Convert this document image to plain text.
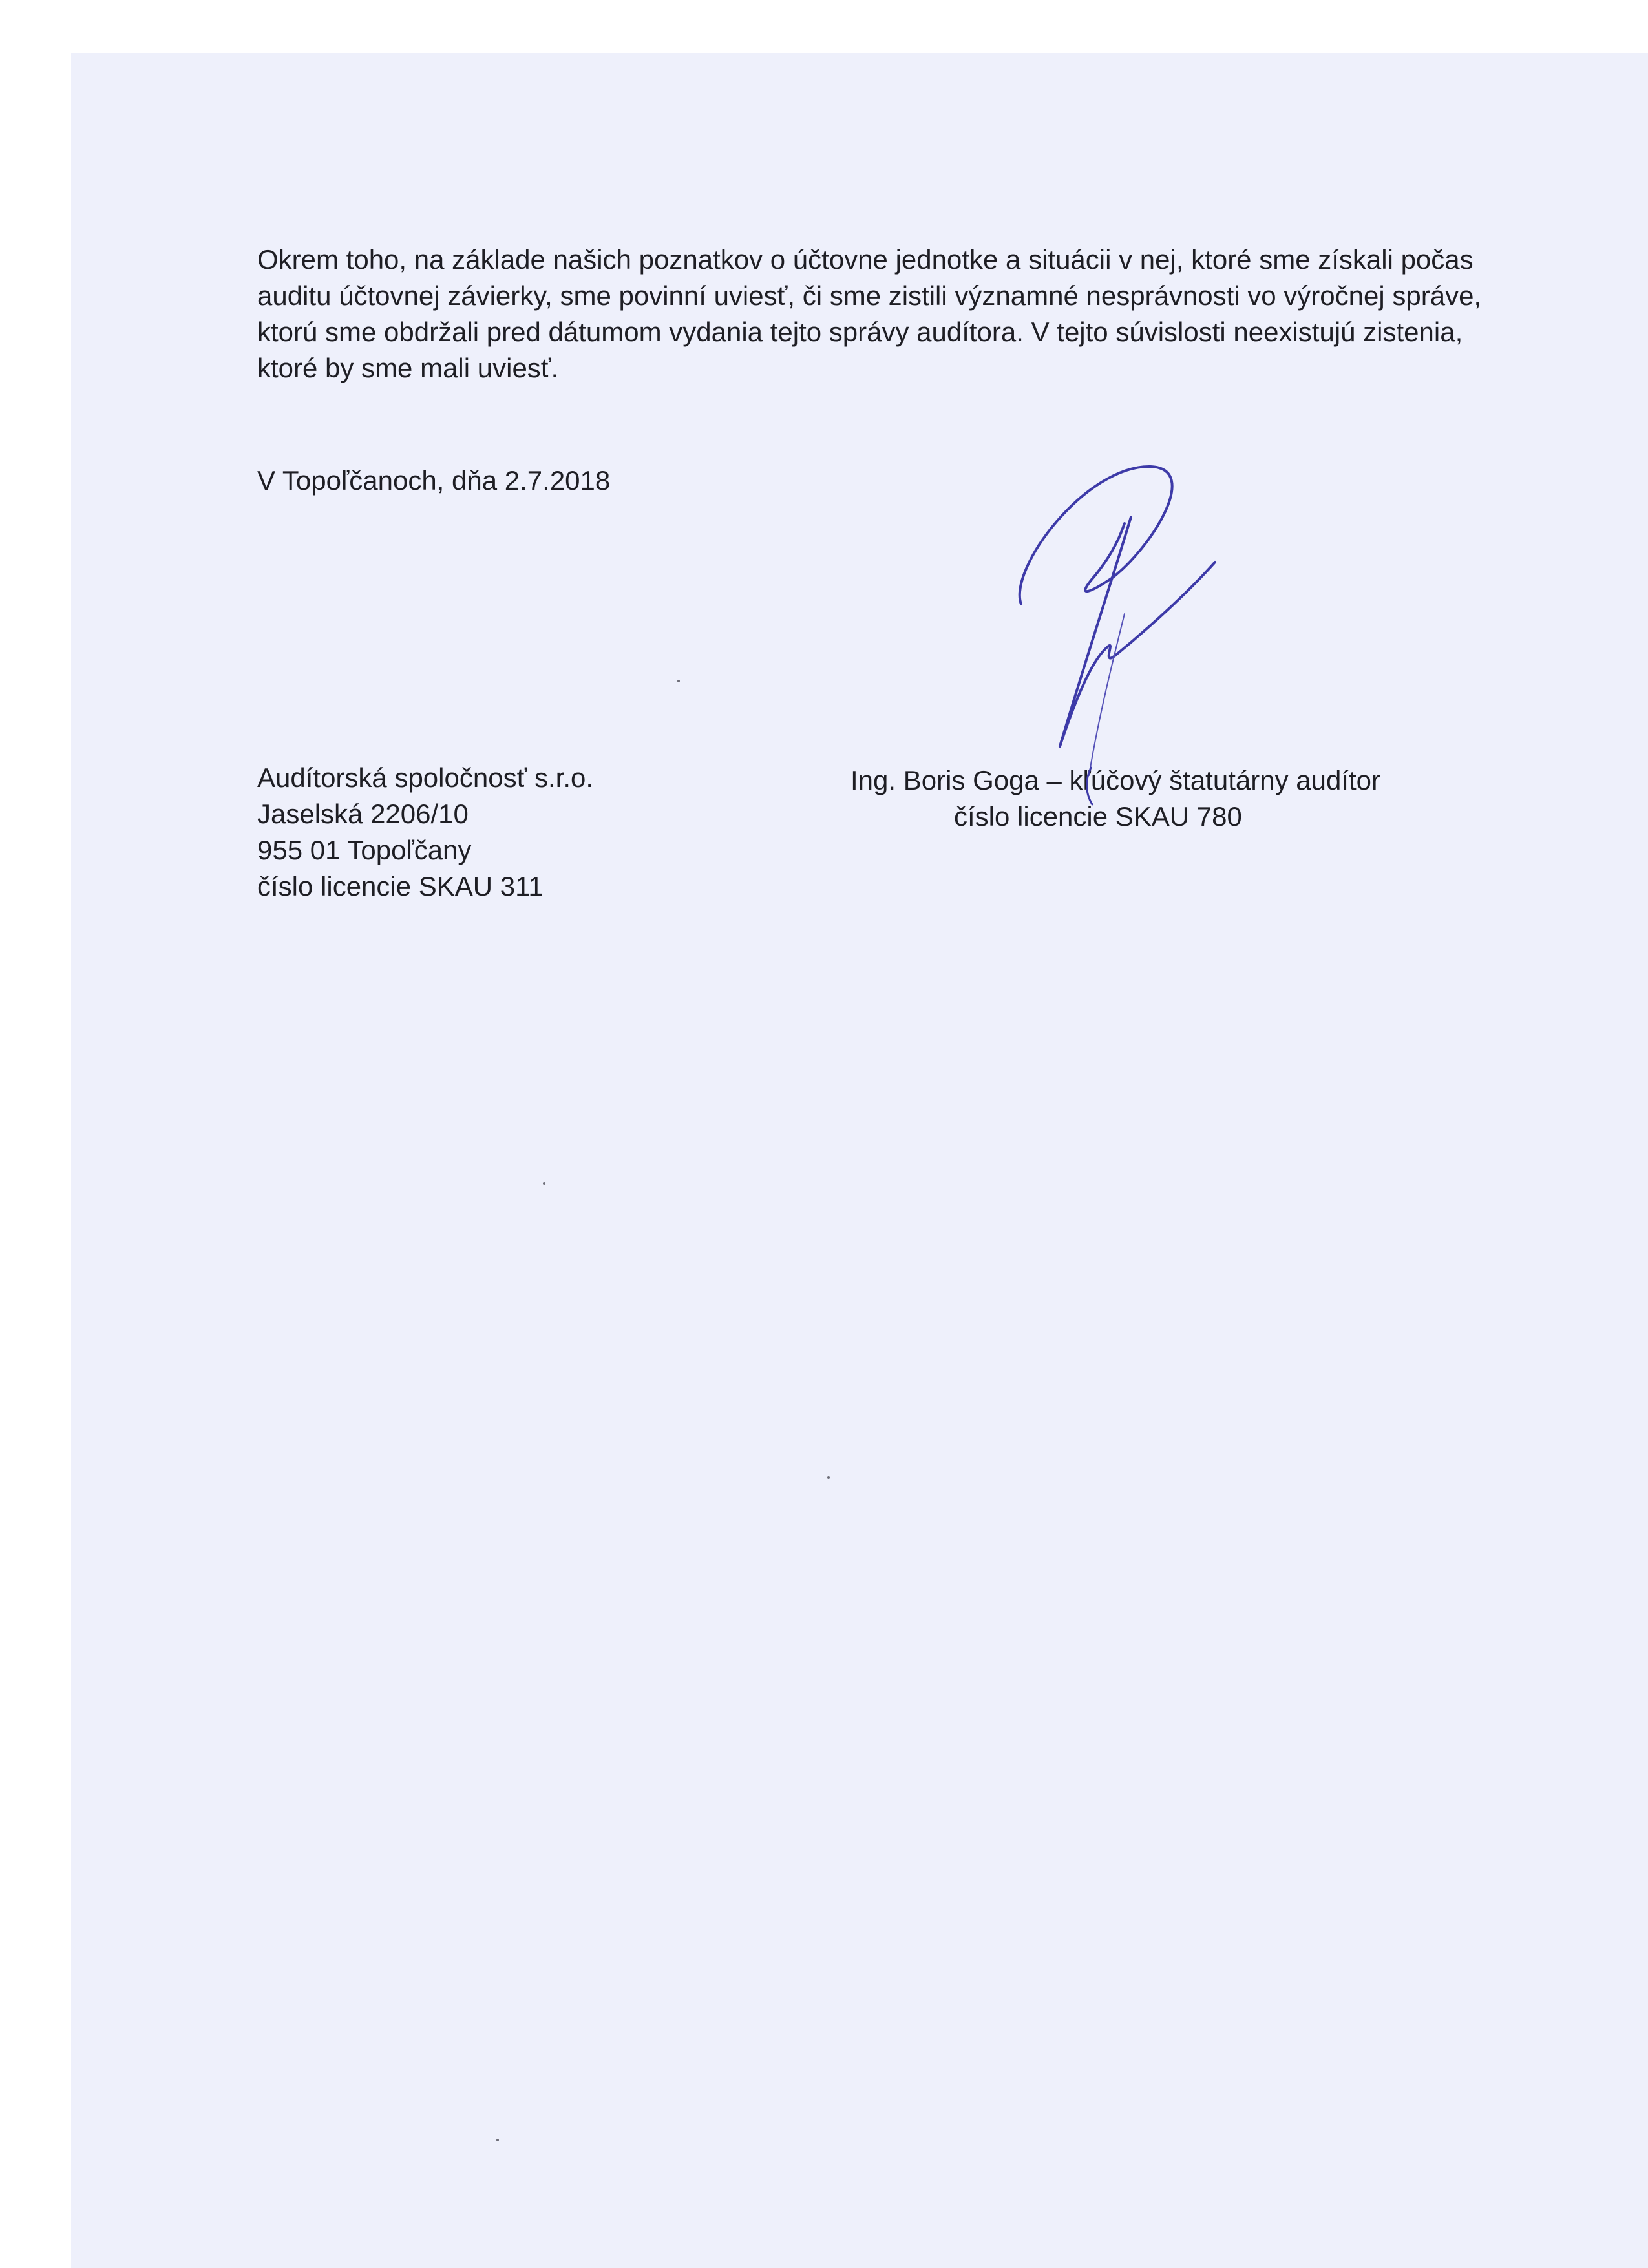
Okrem toho, na základe našich poznatkov o účtovne jednotke a situácii v nej, ktoré sme získali počas
auditu účtovnej závierky, sme povinní uviesť, či sme zistili významné nesprávnosti vo výročnej správe,
ktorú sme obdržali pred dátumom vydania tejto správy audítora. V tejto súvislosti neexistujú zistenia,
ktoré by sme mali uviesť.
V Topoľčanoch, dňa 2.7.2018
Audítorská spoločnosť s.r.o.
Jaselská 2206/10
955 01 Topoľčany
číslo licencie SKAU 311
Ing. Boris Goga – kľúčový štatutárny audítor
číslo licencie SKAU 780
